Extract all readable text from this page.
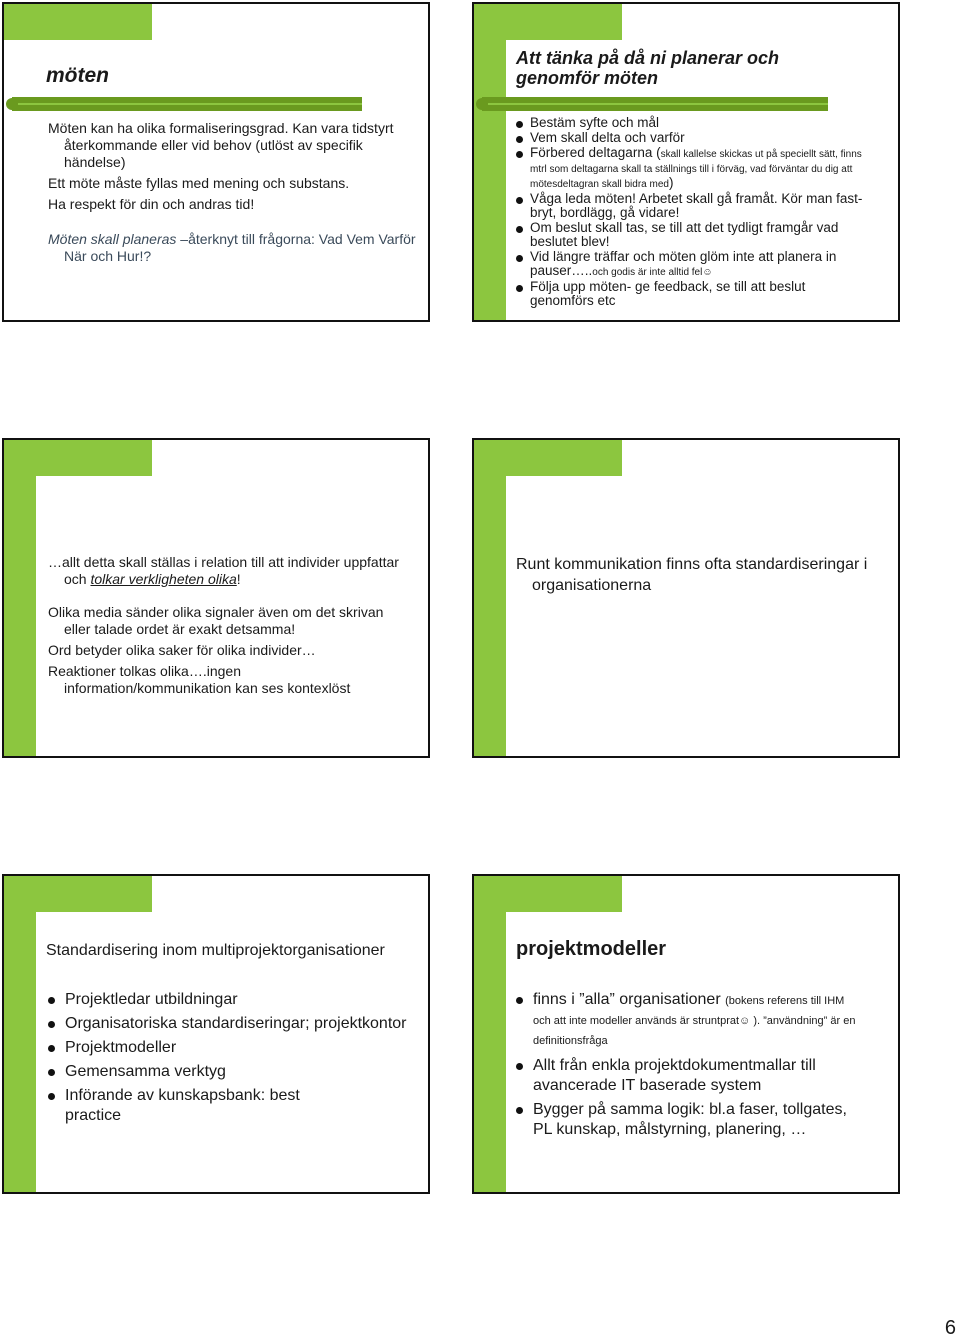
möten

Möten kan ha olika formaliseringsgrad. Kan vara tidstyrt återkommande eller vid behov (utlöst av specifik händelse)

Ett möte måste fyllas med mening och substans.

Ha respekt för din och andras tid!

Möten skall planeras –återknyt till frågorna: Vad Vem Varför När och Hur!?

Att tänka på då ni planerar och genomför möten
Bestäm syfte och mål
Vem skall delta och varför
Förbered deltagarna (skall kallelse skickas ut på speciellt sätt, finns mtrl som deltagarna skall ta ställnings till i förväg, vad förväntar du dig att mötesdeltagran skall bidra med)
Våga leda möten! Arbetet skall gå framåt. Kör man fast-bryt, bordlägg, gå vidare!
Om beslut skall tas, se till att det tydligt framgår vad beslutet blev!
Vid längre träffar och möten glöm inte att planera in pauser…..och godis är inte alltid fel☺
Följa upp möten- ge feedback, se till att beslut genomförs etc

…allt detta skall ställas i relation till att individer uppfattar och tolkar verkligheten olika!

Olika media sänder olika signaler även om det skrivan eller talade ordet är exakt detsamma!

Ord betyder olika saker för olika individer…

Reaktioner tolkas olika….ingen information/kommunikation kan ses kontexlöst

Runt kommunikation finns ofta standardiseringar i organisationerna

Standardisering inom multiprojektorganisationer
Projektledar utbildningar
Organisatoriska standardiseringar; projektkontor
Projektmodeller
Gemensamma verktyg
Införande av kunskapsbank: best practice
projektmodeller
finns i ”alla” organisationer (bokens referens till IHM och att inte modeller används är struntprat☺ ). ”användning” är en definitionsfråga
Allt från enkla projektdokumentmallar till avancerade IT baserade system
Bygger på samma logik: bl.a faser, tollgates, PL kunskap, målstyrning, planering, …
6
